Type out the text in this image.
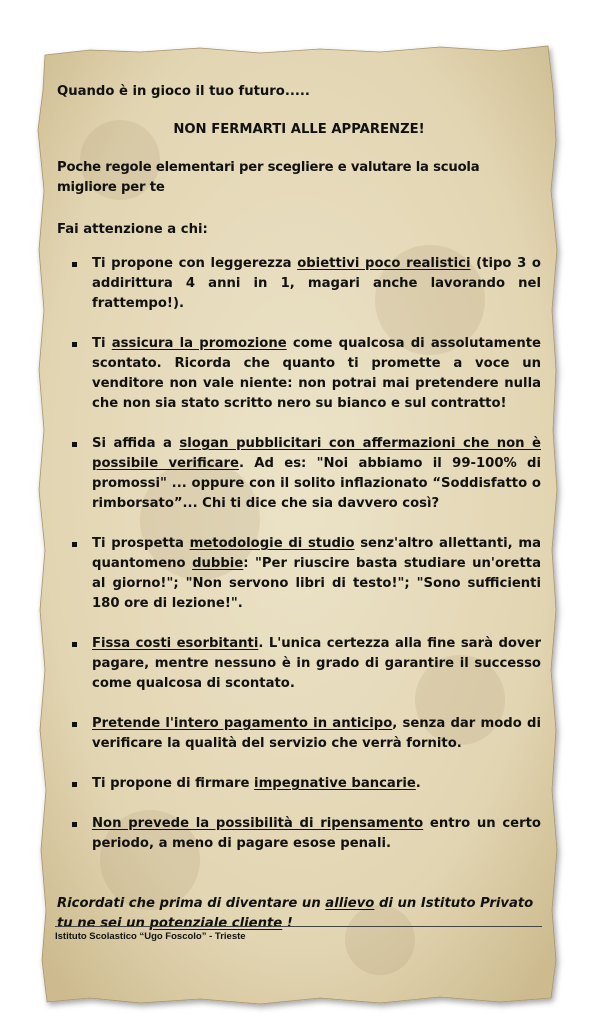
Quando è in gioco il tuo futuro.....

NON FERMARTI ALLE APPARENZE!

Poche regole elementari per scegliere e valutare la scuola migliore per te

Fai attenzione a chi:

Ti propone con leggerezza obiettivi poco realistici (tipo 3 o addirittura 4 anni in 1, magari anche lavorando nel frattempo!).
Ti assicura la promozione come qualcosa di assolutamente scontato. Ricorda che quanto ti promette a voce un venditore non vale niente: non potrai mai pretendere nulla che non sia stato scritto nero su bianco e sul contratto!
Si affida a slogan pubblicitari con affermazioni che non è possibile verificare. Ad es: "Noi abbiamo il 99-100% di promossi" ... oppure con il solito inflazionato “Soddisfatto o rimborsato”... Chi ti dice che sia davvero così?
Ti prospetta metodologie di studio senz'altro allettanti, ma quantomeno dubbie: "Per riuscire basta studiare un'oretta al giorno!"; "Non servono libri di testo!"; "Sono sufficienti 180 ore di lezione!".
Fissa costi esorbitanti. L'unica certezza alla fine sarà dover pagare, mentre nessuno è in grado di garantire il successo come qualcosa di scontato.
Pretende l'intero pagamento in anticipo, senza dar modo di verificare la qualità del servizio che verrà fornito.
Ti propone di firmare impegnative bancarie.
Non prevede la possibilità di ripensamento entro un certo periodo, a meno di pagare esose penali.

Ricordati che prima di diventare un allievo di un Istituto Privato tu ne sei un potenziale cliente !

Istituto Scolastico “Ugo Foscolo” - Trieste
